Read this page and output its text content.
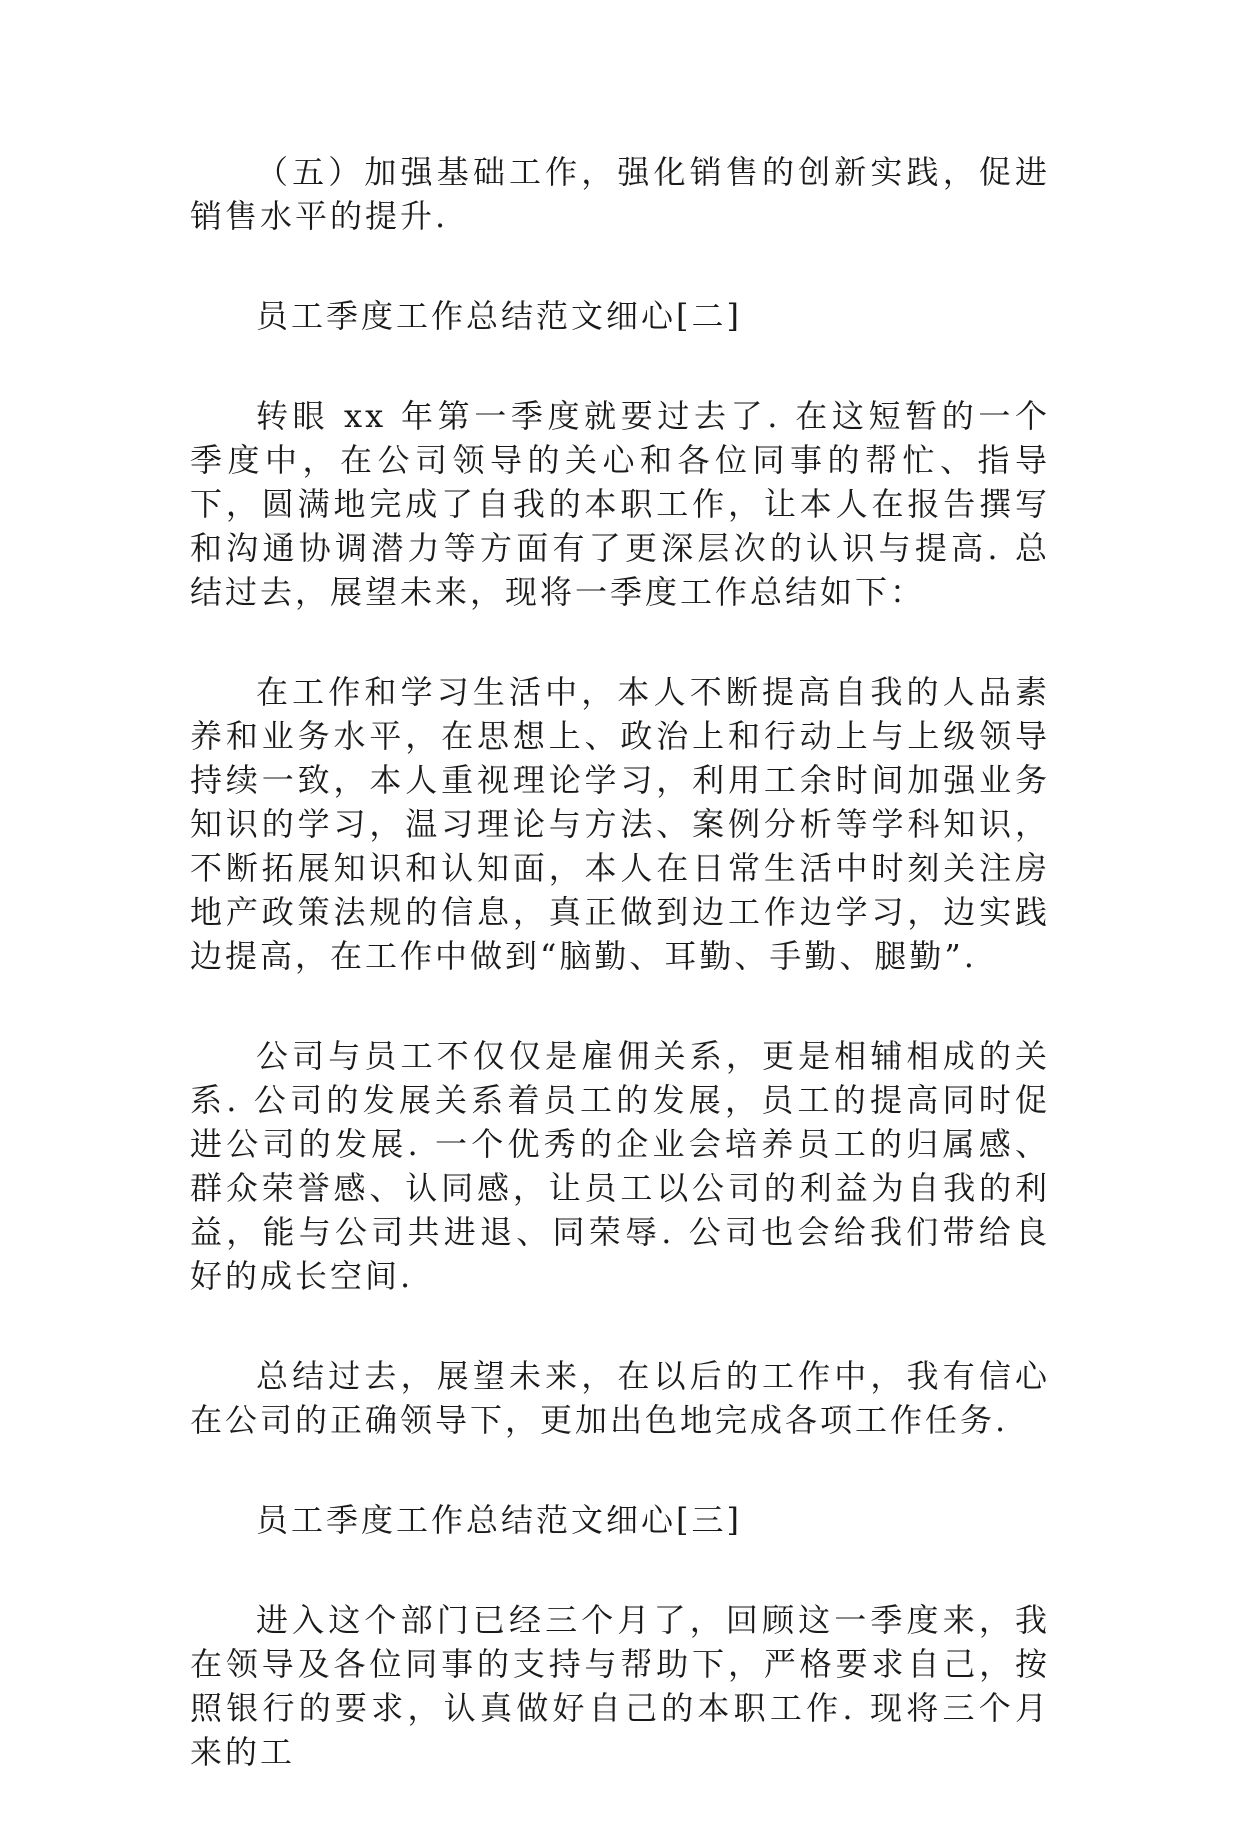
（五）加强基础工作，强化销售的创新实践，促进销售水平的提升.

员工季度工作总结范文细心[二]

转眼 xx 年第一季度就要过去了. 在这短暂的一个季度中，在公司领导的关心和各位同事的帮忙、指导下，圆满地完成了自我的本职工作，让本人在报告撰写和沟通协调潜力等方面有了更深层次的认识与提高. 总结过去，展望未来，现将一季度工作总结如下：

在工作和学习生活中，本人不断提高自我的人品素养和业务水平，在思想上、政治上和行动上与上级领导持续一致，本人重视理论学习，利用工余时间加强业务知识的学习，温习理论与方法、案例分析等学科知识，不断拓展知识和认知面，本人在日常生活中时刻关注房地产政策法规的信息，真正做到边工作边学习，边实践边提高，在工作中做到“脑勤、耳勤、手勤、腿勤”.

公司与员工不仅仅是雇佣关系，更是相辅相成的关系. 公司的发展关系着员工的发展，员工的提高同时促进公司的发展. 一个优秀的企业会培养员工的归属感、群众荣誉感、认同感，让员工以公司的利益为自我的利益，能与公司共进退、同荣辱. 公司也会给我们带给良好的成长空间.

总结过去，展望未来，在以后的工作中，我有信心在公司的正确领导下，更加出色地完成各项工作任务.

员工季度工作总结范文细心[三]

进入这个部门已经三个月了，回顾这一季度来，我在领导及各位同事的支持与帮助下，严格要求自己，按照银行的要求，认真做好自己的本职工作. 现将三个月来的工
